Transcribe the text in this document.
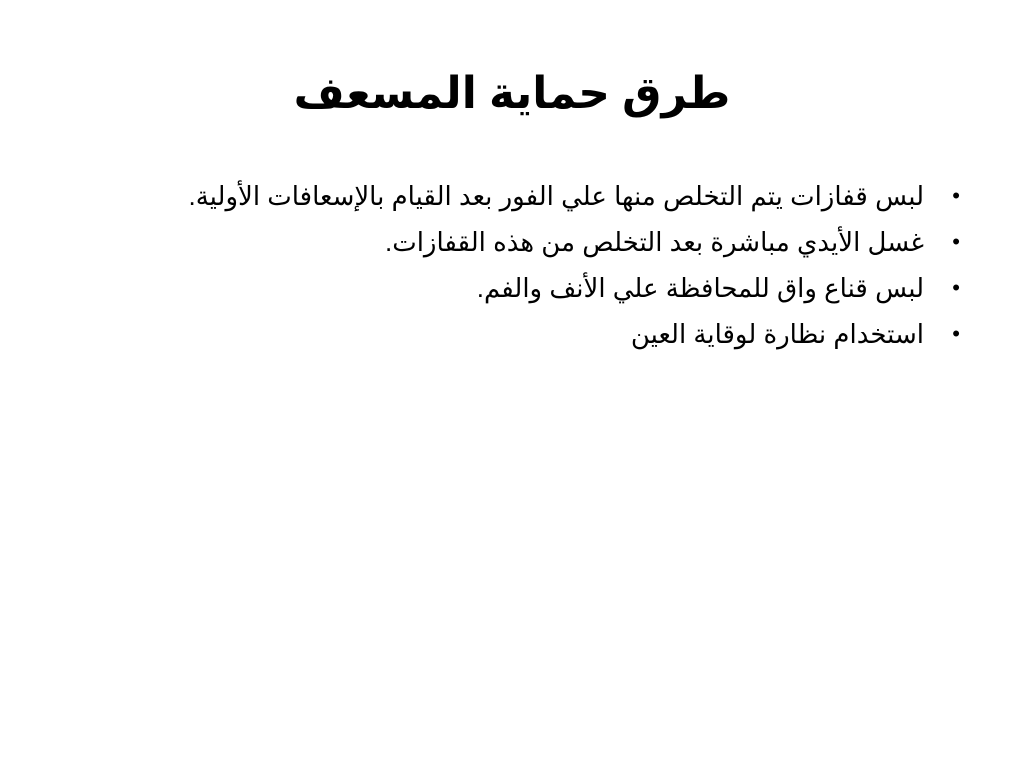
طرق حماية المسعف
•
لبس قفازات يتم التخلص منها علي الفور بعد القيام بالإسعافات الأولية.
•
غسل الأيدي مباشرة بعد التخلص من هذه القفازات.
•
لبس قناع واق للمحافظة علي الأنف والفم.
•
استخدام نظارة لوقاية العين
